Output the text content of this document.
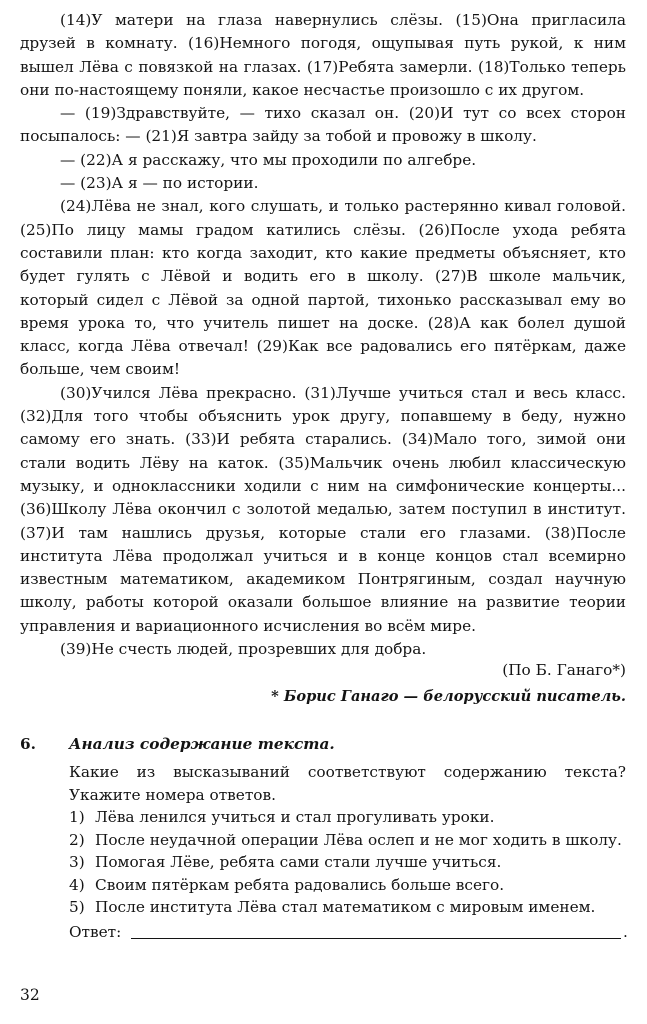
(14)У матери на глаза навернулись слёзы. (15)Она пригласила друзей в комнату. (16)Немного погодя, ощупывая путь рукой, к ним вышел Лёва с повязкой на глазах. (17)Ребята замерли. (18)Только теперь они по-настоящему поняли, какое несчастье произошло с их другом.

— (19)Здравствуйте, — тихо сказал он. (20)И тут со всех сторон посыпалось: — (21)Я завтра зайду за тобой и провожу в школу.

— (22)А я расскажу, что мы проходили по алгебре.

— (23)А я — по истории.

(24)Лёва не знал, кого слушать, и только растерянно кивал головой. (25)По лицу мамы градом катились слёзы. (26)После ухода ребята составили план: кто когда заходит, кто какие предметы объясняет, кто будет гулять с Лёвой и водить его в школу. (27)В школе мальчик, который сидел с Лёвой за одной партой, тихонько рассказывал ему во время урока то, что учитель пишет на доске. (28)А как болел душой класс, когда Лёва отвечал! (29)Как все радовались его пятёркам, даже больше, чем своим!

(30)Учился Лёва прекрасно. (31)Лучше учиться стал и весь класс. (32)Для того чтобы объяснить урок другу, попавшему в беду, нужно самому его знать. (33)И ребята старались. (34)Мало того, зимой они стали водить Лёву на каток. (35)Мальчик очень любил классическую музыку, и одноклассники ходили с ним на симфонические концерты... (36)Школу Лёва окончил с золотой медалью, затем поступил в институт. (37)И там нашлись друзья, которые стали его глазами. (38)После института Лёва продолжал учиться и в конце концов стал всемирно известным математиком, академиком Понтрягиным, создал научную школу, работы которой оказали большое влияние на развитие теории управления и вариационного исчисления во всём мире.

(39)Не счесть людей, прозревших для добра.

(По Б. Ганаго*)
* Борис Ганаго — белорусский писатель.
6. Анализ содержание текста.

Какие из высказываний соответствуют содержанию текста? Укажите номера ответов.

1) Лёва ленился учиться и стал прогуливать уроки.
2) После неудачной операции Лёва ослеп и не мог ходить в школу.
3) Помогая Лёве, ребята сами стали лучше учиться.
4) Своим пятёркам ребята радовались больше всего.
5) После института Лёва стал математиком с мировым именем.
Ответ:	.
32
